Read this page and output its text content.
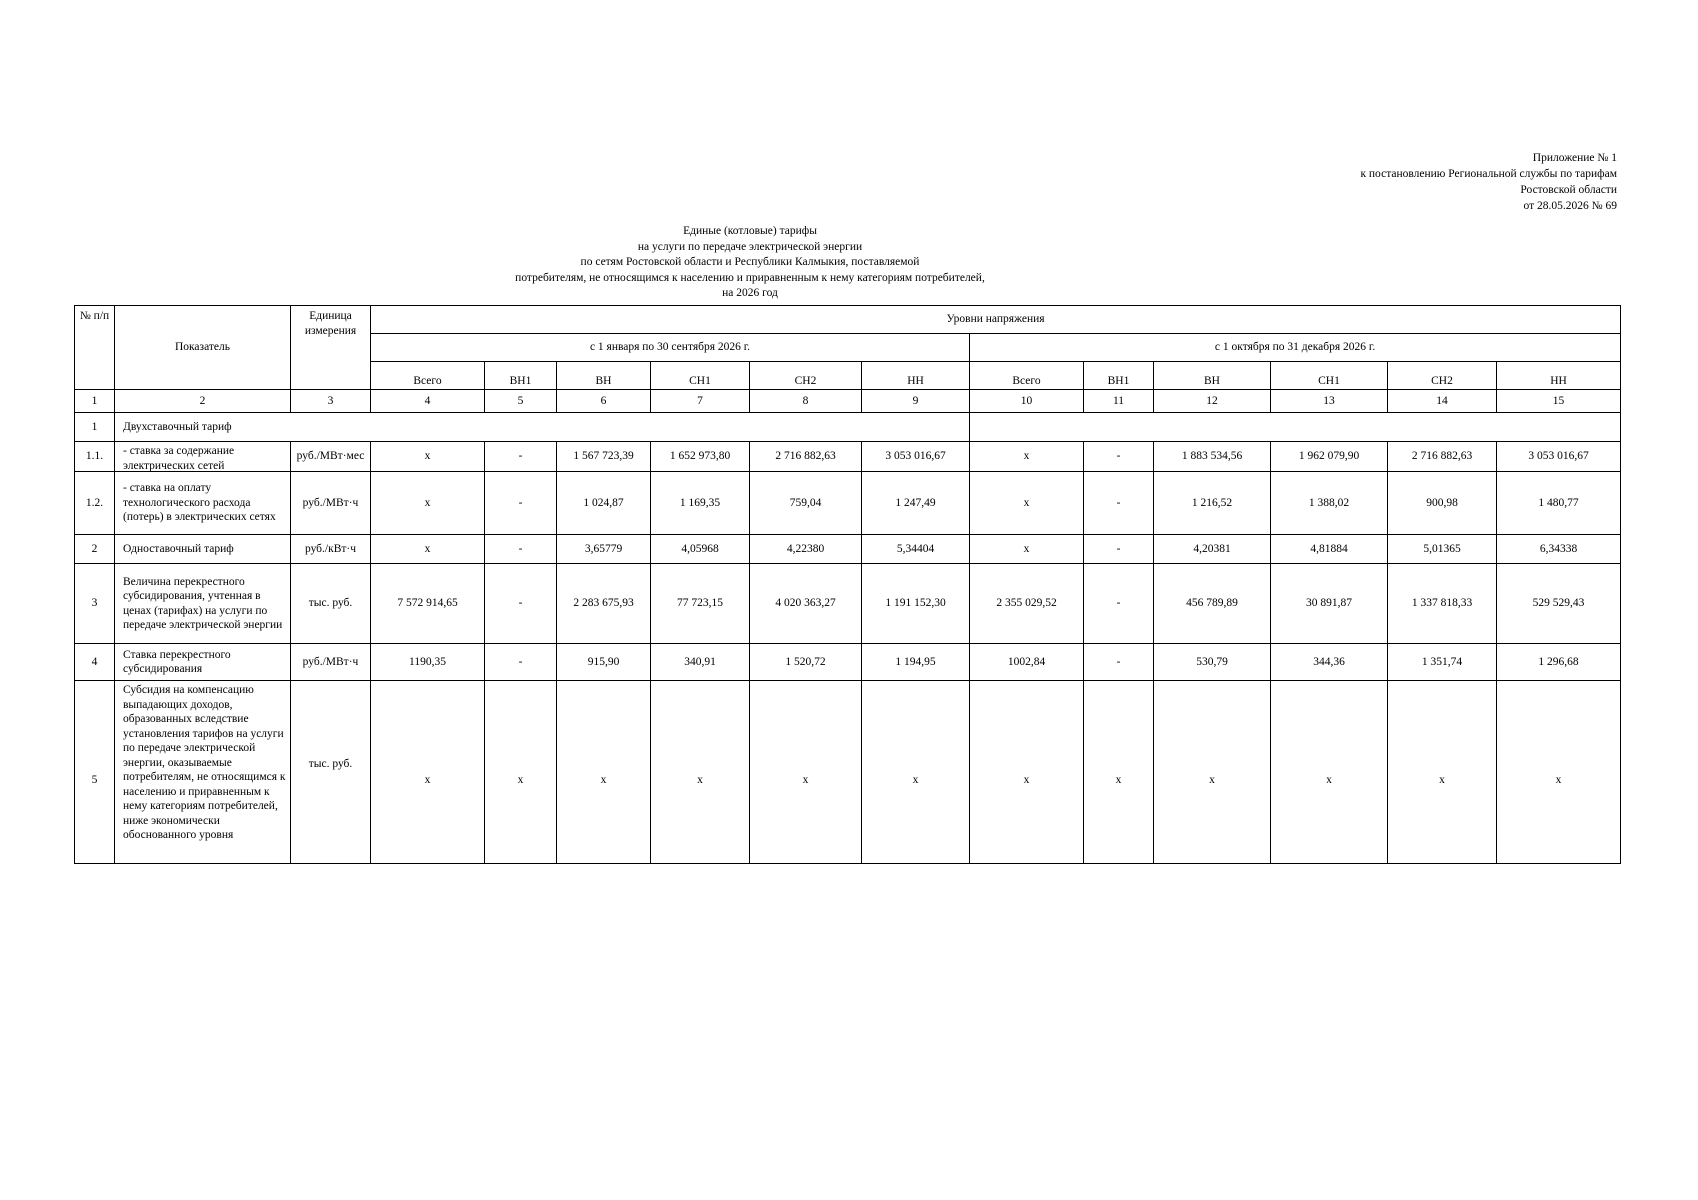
Приложение № 1
к постановлению Региональной службы по тарифам
Ростовской области
от 28.05.2026 № 69
Единые (котловые) тарифы
на услуги по передаче электрической энергии
по сетям Ростовской области и Республики Калмыкия, поставляемой
потребителям, не относящимся к населению и приравненным к нему категориям потребителей,
на 2026 год
№ п/п	Показатель	Единица измерения	Уровни напряжения											
			с 1 января по 30 сентября 2026 г.						с 1 октября по 31 декабря 2026 г.					
			Всего	ВН1	ВН	СН1	СН2	НН	Всего	ВН1	ВН	СН1	СН2	НН
1	2	3	4	5	6	7	8	9	10	11	12	13	14	15
1	Двухставочный тариф													
1.1.	- ставка за содержание электрических сетей	руб./МВт·мес	х	-	1 567 723,39	1 652 973,80	2 716 882,63	3 053 016,67	х	-	1 883 534,56	1 962 079,90	2 716 882,63	3 053 016,67
1.2.	- ставка на оплату технологического расхода (потерь) в электрических сетях	руб./МВт·ч	х	-	1 024,87	1 169,35	759,04	1 247,49	х	-	1 216,52	1 388,02	900,98	1 480,77
2	Одноставочный тариф	руб./кВт·ч	х	-	3,65779	4,05968	4,22380	5,34404	х	-	4,20381	4,81884	5,01365	6,34338
3	Величина перекрестного субсидирования, учтенная в ценах (тарифах) на услуги по передаче электрической энергии	тыс. руб.	7 572 914,65	-	2 283 675,93	77 723,15	4 020 363,27	1 191 152,30	2 355 029,52	-	456 789,89	30 891,87	1 337 818,33	529 529,43
4	Ставка перекрестного субсидирования	руб./МВт·ч	1190,35	-	915,90	340,91	1 520,72	1 194,95	1002,84	-	530,79	344,36	1 351,74	1 296,68
5	Субсидия на компенсацию выпадающих доходов, образованных вследствие установления тарифов на услуги по передаче электрической энергии, оказываемые потребителям, не относящимся к населению и приравненным к нему категориям потребителей, ниже экономически обоснованного уровня	тыс. руб.	х	х	х	х	х	х	х	х	х	х	х	х
